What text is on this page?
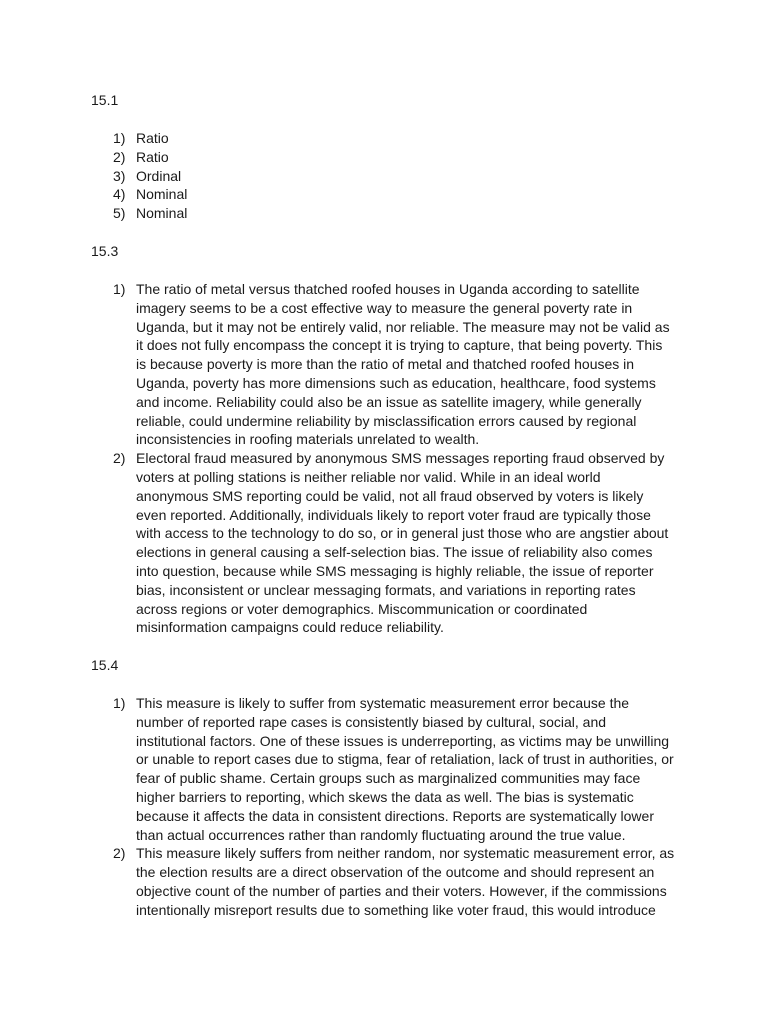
15.1
1) Ratio
2) Ratio
3) Ordinal
4) Nominal
5) Nominal
15.3
1) The ratio of metal versus thatched roofed houses in Uganda according to satellite imagery seems to be a cost effective way to measure the general poverty rate in Uganda, but it may not be entirely valid, nor reliable. The measure may not be valid as it does not fully encompass the concept it is trying to capture, that being poverty. This is because poverty is more than the ratio of metal and thatched roofed houses in Uganda, poverty has more dimensions such as education, healthcare, food systems and income. Reliability could also be an issue as satellite imagery, while generally reliable, could undermine reliability by misclassification errors caused by regional inconsistencies in roofing materials unrelated to wealth.
2) Electoral fraud measured by anonymous SMS messages reporting fraud observed by voters at polling stations is neither reliable nor valid. While in an ideal world anonymous SMS reporting could be valid, not all fraud observed by voters is likely even reported. Additionally, individuals likely to report voter fraud are typically those with access to the technology to do so, or in general just those who are angstier about elections in general causing a self-selection bias. The issue of reliability also comes into question, because while SMS messaging is highly reliable, the issue of reporter bias, inconsistent or unclear messaging formats, and variations in reporting rates across regions or voter demographics. Miscommunication or coordinated misinformation campaigns could reduce reliability.
15.4
1) This measure is likely to suffer from systematic measurement error because the number of reported rape cases is consistently biased by cultural, social, and institutional factors. One of these issues is underreporting, as victims may be unwilling or unable to report cases due to stigma, fear of retaliation, lack of trust in authorities, or fear of public shame. Certain groups such as marginalized communities may face higher barriers to reporting, which skews the data as well. The bias is systematic because it affects the data in consistent directions. Reports are systematically lower than actual occurrences rather than randomly fluctuating around the true value.
2) This measure likely suffers from neither random, nor systematic measurement error, as the election results are a direct observation of the outcome and should represent an objective count of the number of parties and their voters. However, if the commissions intentionally misreport results due to something like voter fraud, this would introduce
